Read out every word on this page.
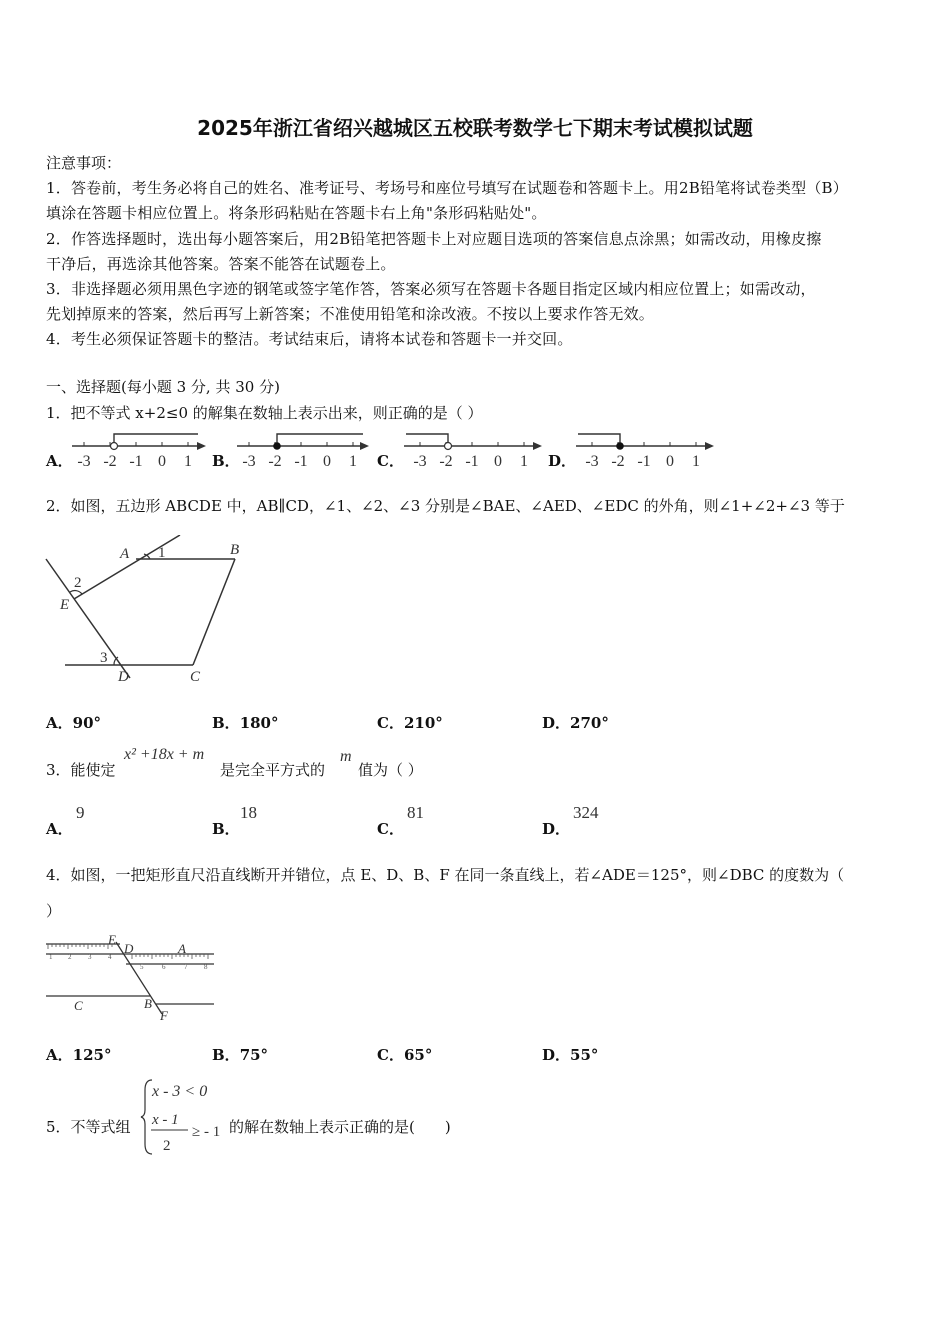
2025年浙江省绍兴越城区五校联考数学七下期末考试模拟试题
注意事项：
1．答卷前，考生务必将自己的姓名、准考证号、考场号和座位号填写在试题卷和答题卡上。用2B铅笔将试卷类型（B）
填涂在答题卡相应位置上。将条形码粘贴在答题卡右上角"条形码粘贴处"。
2．作答选择题时，选出每小题答案后，用2B铅笔把答题卡上对应题目选项的答案信息点涂黑；如需改动，用橡皮擦
干净后，再选涂其他答案。答案不能答在试题卷上。
3．非选择题必须用黑色字迹的钢笔或签字笔作答，答案必须写在答题卡各题目指定区域内相应位置上；如需改动，
先划掉原来的答案，然后再写上新答案；不准使用铅笔和涂改液。不按以上要求作答无效。
4．考生必须保证答题卡的整洁。考试结束后，请将本试卷和答题卡一并交回。
一、选择题(每小题 3 分, 共 30 分)
1．把不等式 x+2≤0 的解集在数轴上表示出来，则正确的是（ ）
A．	B．	C．	D．
-3 -2 -1 0 1	-3 -2 -1 0 1	-3 -2 -1 0 1	-3 -2 -1 0 1
2．如图，五边形 ABCDE 中，AB∥CD，∠1、∠2、∠3 分别是∠BAE、∠AED、∠EDC 的外角，则∠1+∠2+∠3 等于
A 1	B
2
E
3
D	C
A．90°	B．180°	C．210°	D．270°
3．能使定
x² +18x + m
是完全平方式的
m
值为（ ）
A．
9
B．
18
C．
81
D．
324
4．如图，一把矩形直尺沿直线断开并错位，点 E、D、B、F 在同一条直线上，若∠ADE＝125°，则∠DBC 的度数为（
）
1 2 3 4
5	6	7 8
E
D	A
C	B
F
A．125°	B．75°	C．65°	D．55°
5．不等式组
x - 3 < 0
x - 1
2
≥ - 1 的解在数轴上表示正确的是(　　)
